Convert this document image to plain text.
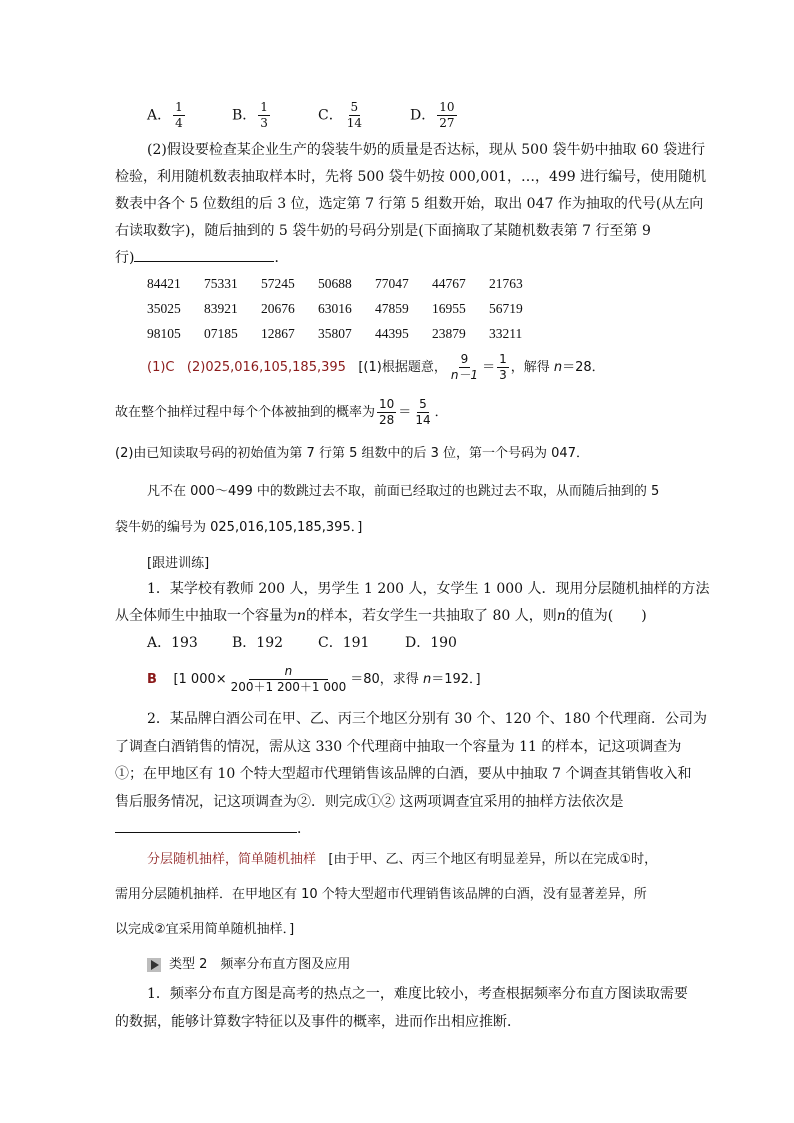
A． $\frac{1}{4}$	B． $\frac{1}{3}$	C． $\frac{5}{14}$	D． $\frac{10}{27}$
(2)假设要检查某企业生产的袋装牛奶的质量是否达标，现从 500 袋牛奶中抽取 60 袋进行
检验，利用随机数表抽取样本时，先将 500 袋牛奶按 000,001，…，499 进行编号，使用随机
数表中各个 5 位数组的后 3 位，选定第 7 行第 5 组数开始，取出 047 作为抽取的代号(从左向
右读取数字)，随后抽到的 5 袋牛奶的号码分别是(下面摘取了某随机数表第 7 行至第 9
行)	．
84421 75331 57245 50688 77047 44767 21763
35025 83921 20676 63016 47859 16955 56719
98105 07185 12867 35807 44395 23879 33211
(1)C (2)025,016,105,185,395 [(1)根据题意， $\frac{9}{n-1} = \frac{1}{3}$ ，解得 n＝28．
故在整个抽样过程中每个个体被抽到的概率为 $\frac{10}{28} = \frac{5}{14}$ ．
(2)由已知读取号码的初始值为第 7 行第 5 组数中的后 3 位，第一个号码为 047．
凡不在 000～499 中的数跳过去不取，前面已经取过的也跳过去不取，从而随后抽到的 5
袋牛奶的编号为 025,016,105,185,395．]
[跟进训练]
1．某学校有教师 200 人，男学生 1 200 人，女学生 1 000 人．现用分层随机抽样的方法
从全体师生中抽取一个容量为n的样本，若女学生一共抽取了 80 人，则n的值为(　　)
A．193 B．192 C．191	D．190
B [1 $000\times \frac{n}{200+1 200+1 000} =80$，求得 n＝192．]
2．某品牌白酒公司在甲、乙、丙三个地区分别有 30 个、120 个、180 个代理商．公司为
了调查白酒销售的情况，需从这 330 个代理商中抽取一个容量为 11 的样本，记这项调查为
①；在甲地区有 10 个特大型超市代理销售该品牌的白酒，要从中抽取 7 个调查其销售收入和
售后服务情况，记这项调查为②．则完成①② 这两项调查宜采用的抽样方法依次是
．
分层随机抽样，简单随机抽样 [由于甲、乙、丙三个地区有明显差异，所以在完成①时，
需用分层随机抽样．在甲地区有 10 个特大型超市代理销售该品牌的白酒，没有显著差异，所
以完成②宜采用简单随机抽样．]
类型 2　频率分布直方图及应用
1．频率分布直方图是高考的热点之一，难度比较小，考查根据频率分布直方图读取需要
的数据，能够计算数字特征以及事件的概率，进而作出相应推断．
